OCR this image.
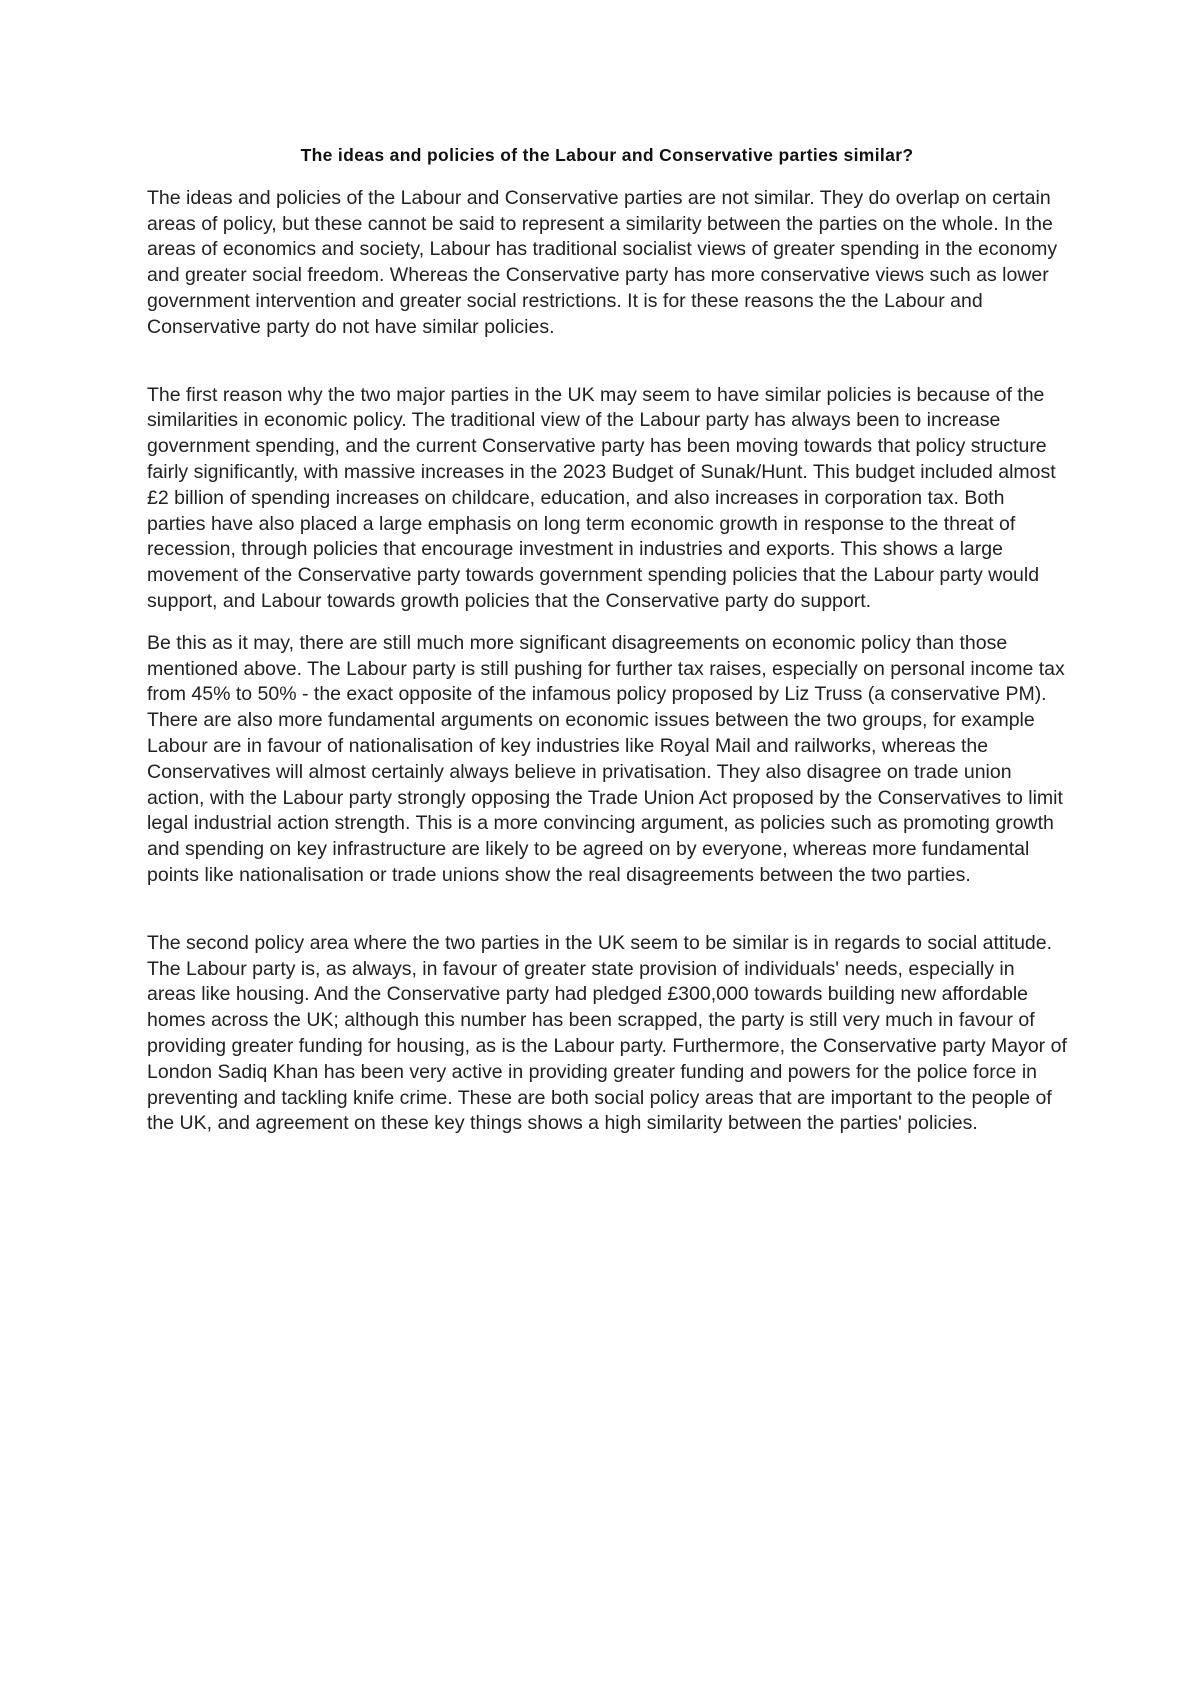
The ideas and policies of the Labour and Conservative parties similar?

The ideas and policies of the Labour and Conservative parties are not similar. They do overlap on certain areas of policy, but these cannot be said to represent a similarity between the parties on the whole. In the areas of economics and society, Labour has traditional socialist views of greater spending in the economy and greater social freedom. Whereas the Conservative party has more conservative views such as lower government intervention and greater social restrictions. It is for these reasons the the Labour and Conservative party do not have similar policies.

The first reason why the two major parties in the UK may seem to have similar policies is because of the similarities in economic policy. The traditional view of the Labour party has always been to increase government spending, and the current Conservative party has been moving towards that policy structure fairly significantly, with massive increases in the 2023 Budget of Sunak/Hunt. This budget included almost £2 billion of spending increases on childcare, education, and also increases in corporation tax. Both parties have also placed a large emphasis on long term economic growth in response to the threat of recession, through policies that encourage investment in industries and exports. This shows a large movement of the Conservative party towards government spending policies that the Labour party would support, and Labour towards growth policies that the Conservative party do support.

Be this as it may, there are still much more significant disagreements on economic policy than those mentioned above. The Labour party is still pushing for further tax raises, especially on personal income tax from 45% to 50% - the exact opposite of the infamous policy proposed by Liz Truss (a conservative PM). There are also more fundamental arguments on economic issues between the two groups, for example Labour are in favour of nationalisation of key industries like Royal Mail and railworks, whereas the Conservatives will almost certainly always believe in privatisation. They also disagree on trade union action, with the Labour party strongly opposing the Trade Union Act proposed by the Conservatives to limit legal industrial action strength. This is a more convincing argument, as policies such as promoting growth and spending on key infrastructure are likely to be agreed on by everyone, whereas more fundamental points like nationalisation or trade unions show the real disagreements between the two parties.

The second policy area where the two parties in the UK seem to be similar is in regards to social attitude. The Labour party is, as always, in favour of greater state provision of individuals' needs, especially in areas like housing. And the Conservative party had pledged £300,000 towards building new affordable homes across the UK; although this number has been scrapped, the party is still very much in favour of providing greater funding for housing, as is the Labour party. Furthermore, the Conservative party Mayor of London Sadiq Khan has been very active in providing greater funding and powers for the police force in preventing and tackling knife crime. These are both social policy areas that are important to the people of the UK, and agreement on these key things shows a high similarity between the parties' policies.
